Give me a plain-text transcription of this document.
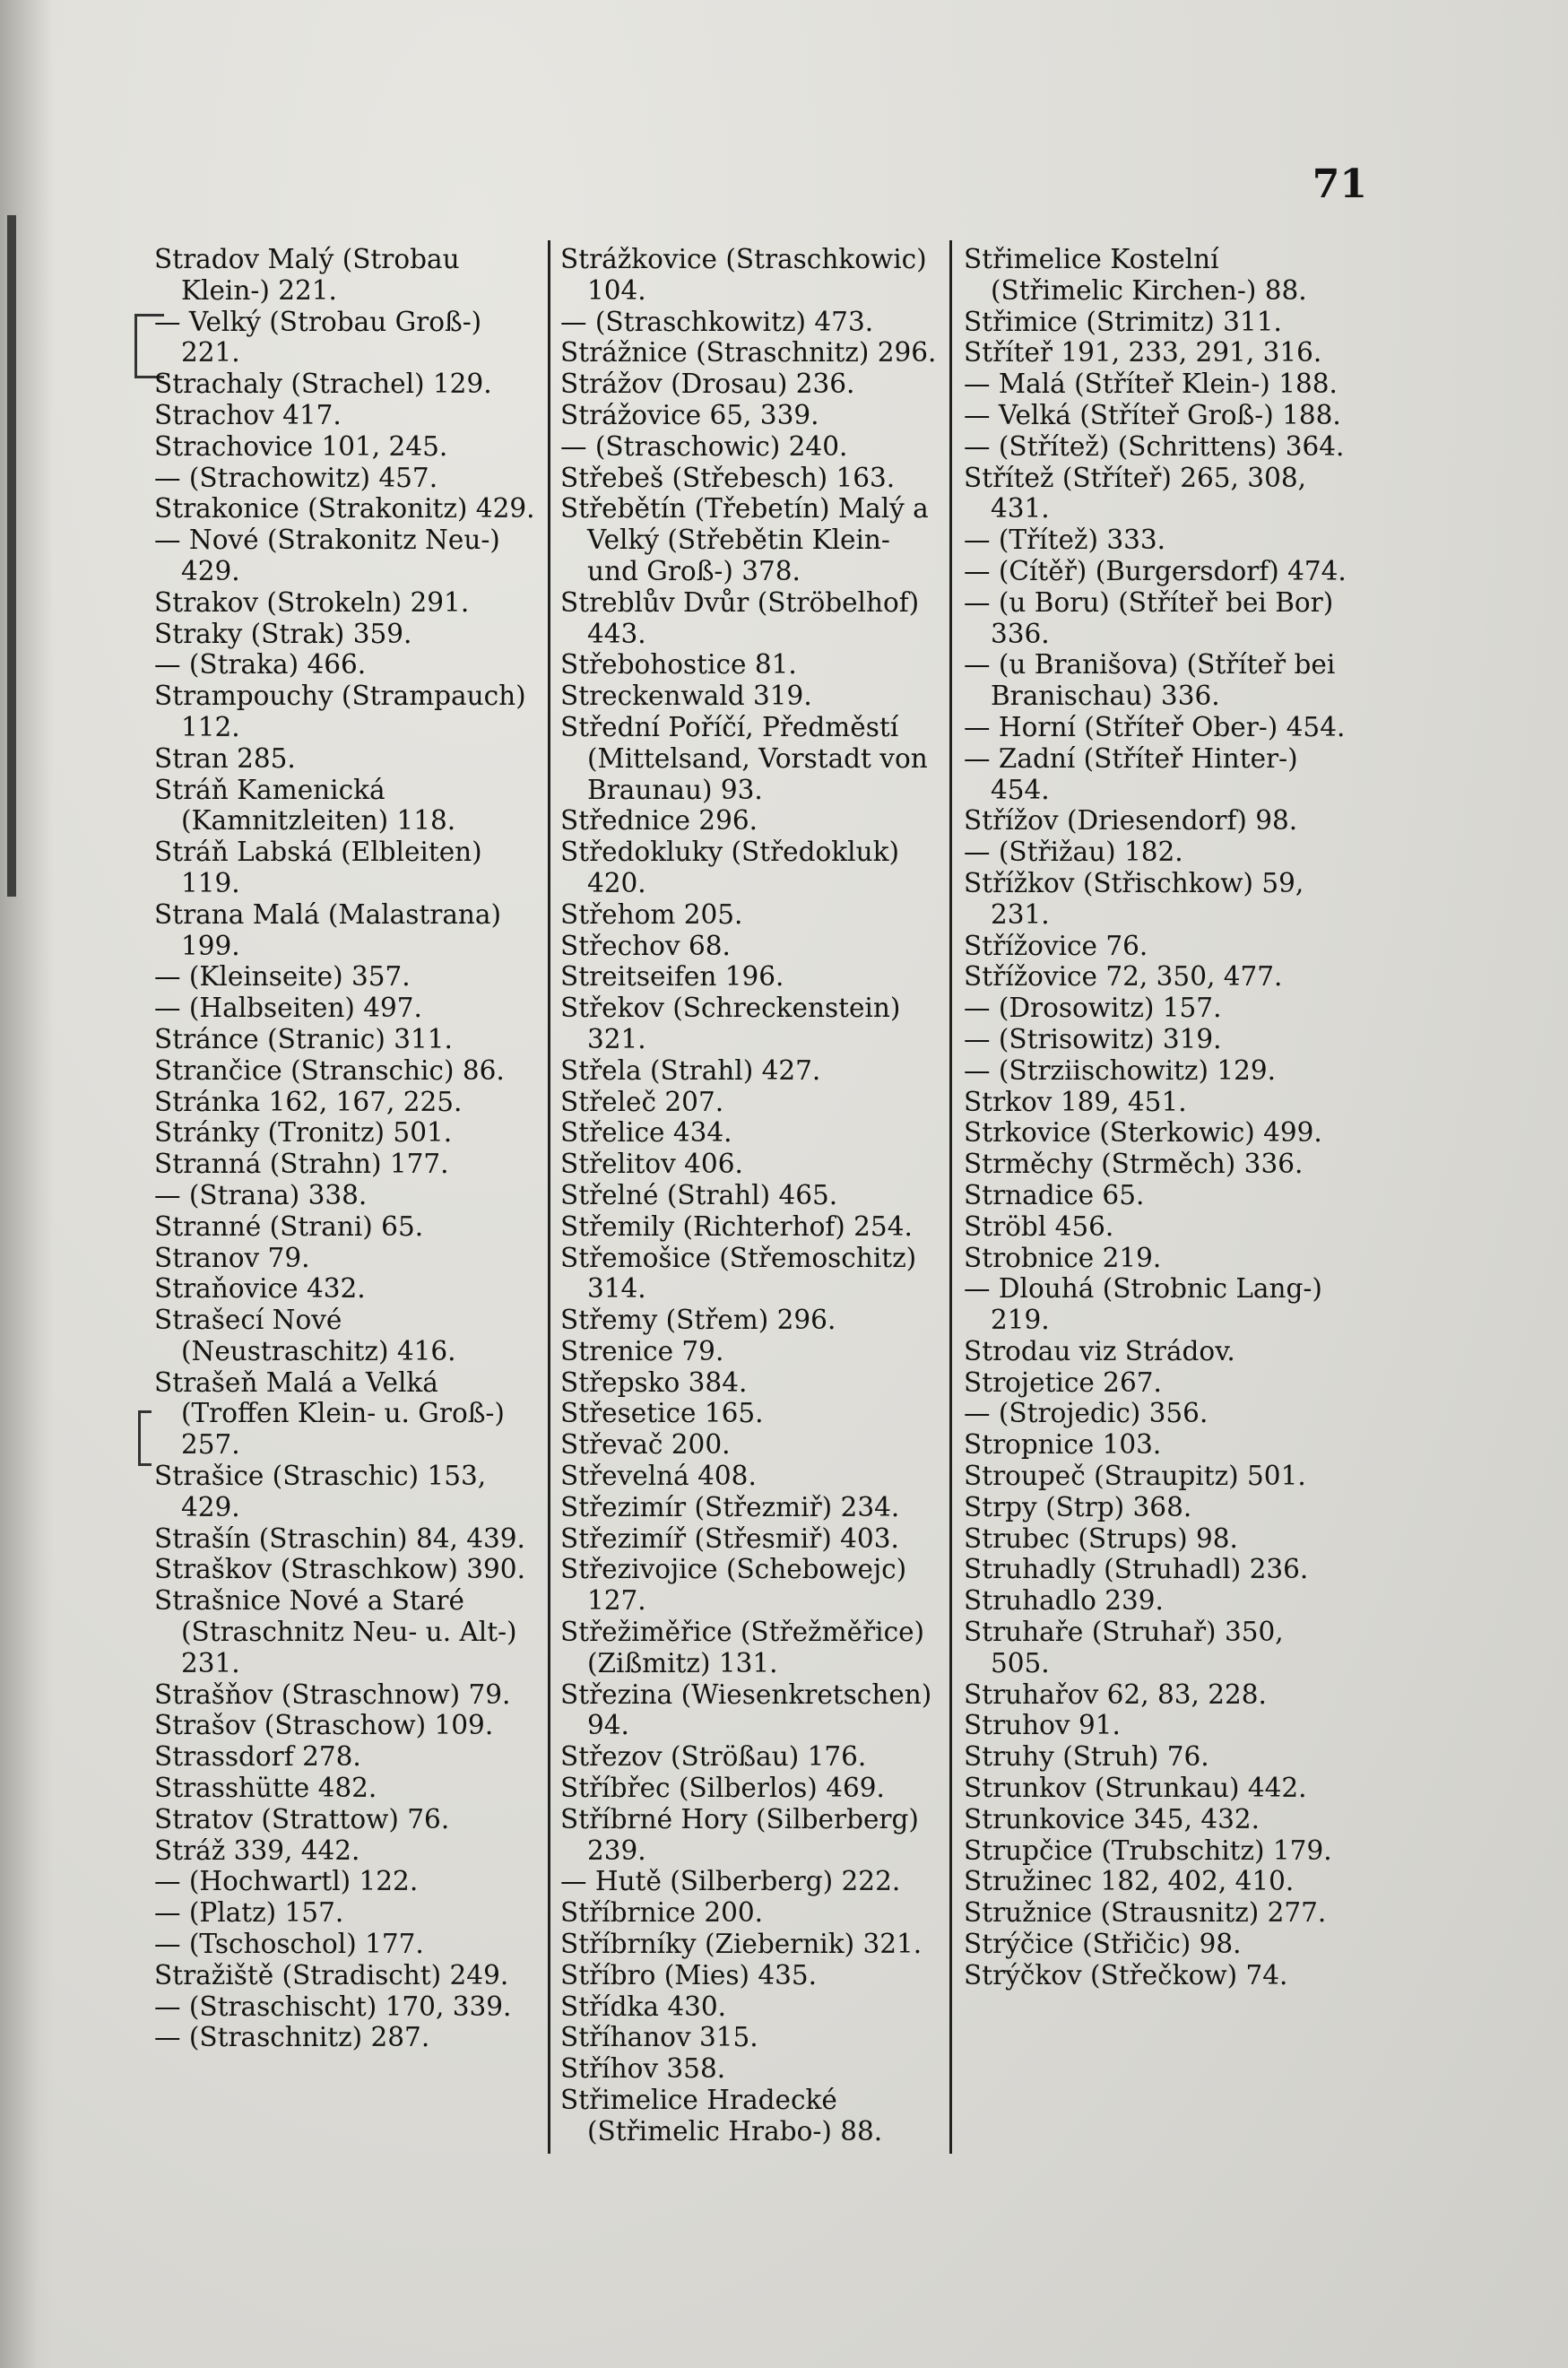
71

Stradov Malý (Strobau Klein-) 221.

— Velký (Strobau Groß-) 221.

Strachaly (Strachel) 129.

Strachov 417.

Strachovice 101, 245.

— (Strachowitz) 457.

Strakonice (Strakonitz) 429.

— Nové (Strakonitz Neu-) 429.

Strakov (Strokeln) 291.

Straky (Strak) 359.

— (Straka) 466.

Strampouchy (Strampauch) 112.

Stran 285.

Stráň Kamenická (Kamnitzleiten) 118.

Stráň Labská (Elbleiten) 119.

Strana Malá (Malastrana) 199.

— (Kleinseite) 357.

— (Halbseiten) 497.

Stránce (Stranic) 311.

Strančice (Stranschic) 86.

Stránka 162, 167, 225.

Stránky (Tronitz) 501.

Stranná (Strahn) 177.

— (Strana) 338.

Stranné (Strani) 65.

Stranov 79.

Straňovice 432.

Strašecí Nové (Neustraschitz) 416.

Strašeň Malá a Velká (Troffen Klein- u. Groß-) 257.

Strašice (Straschic) 153, 429.

Strašín (Straschin) 84, 439.

Straškov (Straschkow) 390.

Strašnice Nové a Staré (Straschnitz Neu- u. Alt-) 231.

Strašňov (Straschnow) 79.

Strašov (Straschow) 109.

Strassdorf 278.

Strasshütte 482.

Stratov (Strattow) 76.

Stráž 339, 442.

— (Hochwartl) 122.

— (Platz) 157.

— (Tschoschol) 177.

Stražiště (Stradischt) 249.

— (Straschischt) 170, 339.

— (Straschnitz) 287.

Strážkovice (Straschkowic) 104.

— (Straschkowitz) 473.

Strážnice (Straschnitz) 296.

Strážov (Drosau) 236.

Strážovice 65, 339.

— (Straschowic) 240.

Střebeš (Střebesch) 163.

Střebětín (Třebetín) Malý a Velký (Střebětin Klein- und Groß-) 378.

Streblův Dvůr (Ströbelhof) 443.

Střebohostice 81.

Streckenwald 319.

Střední Poříčí, Předměstí (Mittelsand, Vorstadt von Braunau) 93.

Střednice 296.

Středokluky (Středokluk) 420.

Střehom 205.

Střechov 68.

Streitseifen 196.

Střekov (Schreckenstein) 321.

Střela (Strahl) 427.

Střeleč 207.

Střelice 434.

Střelitov 406.

Střelné (Strahl) 465.

Střemily (Richterhof) 254.

Střemošice (Střemoschitz) 314.

Střemy (Střem) 296.

Strenice 79.

Střepsko 384.

Střesetice 165.

Střevač 200.

Střevelná 408.

Střezimír (Střezmiř) 234.

Střezimíř (Střesmiř) 403.

Střezivojice (Schebowejc) 127.

Střežiměřice (Střežměřice) (Zißmitz) 131.

Střezina (Wiesenkretschen) 94.

Střezov (Strößau) 176.

Stříbřec (Silberlos) 469.

Stříbrné Hory (Silberberg) 239.

— Hutě (Silberberg) 222.

Stříbrnice 200.

Stříbrníky (Ziebernik) 321.

Stříbro (Mies) 435.

Střídka 430.

Stříhanov 315.

Stříhov 358.

Střimelice Hradecké (Střimelic Hrabo-) 88.

Střimelice Kostelní (Střimelic Kirchen-) 88.

Střimice (Strimitz) 311.

Stříteř 191, 233, 291, 316.

— Malá (Stříteř Klein-) 188.

— Velká (Stříteř Groß-) 188.

— (Střítež) (Schrittens) 364.

Střítež (Stříteř) 265, 308, 431.

— (Třítež) 333.

— (Cítěř) (Burgersdorf) 474.

— (u Boru) (Stříteř bei Bor) 336.

— (u Branišova) (Stříteř bei Branischau) 336.

— Horní (Stříteř Ober-) 454.

— Zadní (Stříteř Hinter-) 454.

Střížov (Driesendorf) 98.

— (Střižau) 182.

Střížkov (Střischkow) 59, 231.

Střížovice 76.

Střížovice 72, 350, 477.

— (Drosowitz) 157.

— (Strisowitz) 319.

— (Strziischowitz) 129.

Strkov 189, 451.

Strkovice (Sterkowic) 499.

Strměchy (Strměch) 336.

Strnadice 65.

Ströbl 456.

Strobnice 219.

— Dlouhá (Strobnic Lang-) 219.

Strodau viz Strádov.

Strojetice 267.

— (Strojedic) 356.

Stropnice 103.

Stroupeč (Straupitz) 501.

Strpy (Strp) 368.

Strubec (Strups) 98.

Struhadly (Struhadl) 236.

Struhadlo 239.

Struhaře (Struhař) 350, 505.

Struhařov 62, 83, 228.

Struhov 91.

Struhy (Struh) 76.

Strunkov (Strunkau) 442.

Strunkovice 345, 432.

Strupčice (Trubschitz) 179.

Stružinec 182, 402, 410.

Stružnice (Strausnitz) 277.

Strýčice (Střičic) 98.

Strýčkov (Střečkow) 74.
